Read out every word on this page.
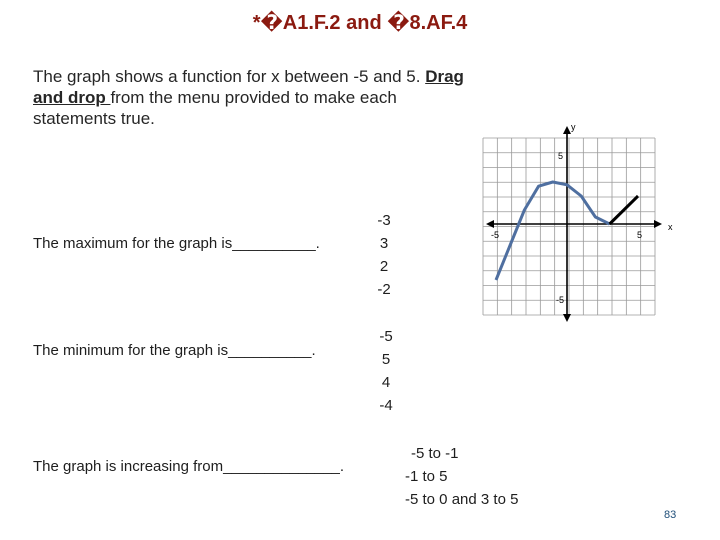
*�A1.F.2 and �8.AF.4
The graph shows a function for x between -5 and 5. Drag and drop from the menu provided to make each statements true.	y
x
5
-5
-5	5
The maximum for the graph is__________.
-3
3
2
-2
The minimum for the graph is__________.
-5
5
4
-4
The graph is increasing from______________.
-5 to -1
-1 to 5
-5 to 0 and 3 to 5
83
